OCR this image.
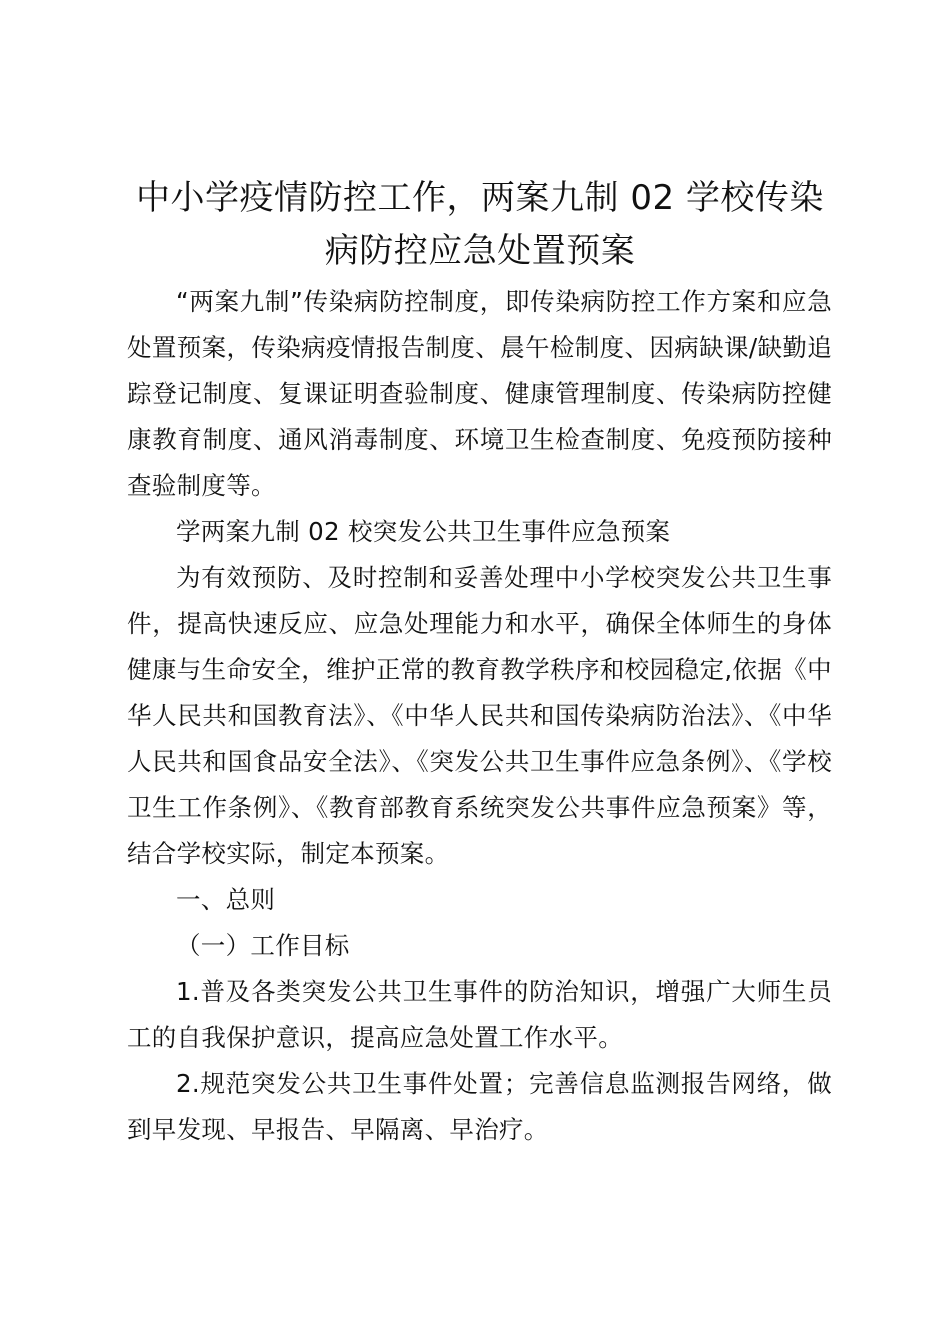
中小学疫情防控工作，两案九制 02 学校传染
病防控应急处置预案

“两案九制”传染病防控制度，即传染病防控工作方案和应急处置预案，传染病疫情报告制度、晨午检制度、因病缺课/缺勤追踪登记制度、复课证明查验制度、健康管理制度、传染病防控健康教育制度、通风消毒制度、环境卫生检查制度、免疫预防接种查验制度等。

学两案九制 02 校突发公共卫生事件应急预案

为有效预防、及时控制和妥善处理中小学校突发公共卫生事件，提高快速反应、应急处理能力和水平，确保全体师生的身体健康与生命安全，维护正常的教育教学秩序和校园稳定,依据《中华人民共和国教育法》、《中华人民共和国传染病防治法》、《中华人民共和国食品安全法》、《突发公共卫生事件应急条例》、《学校卫生工作条例》、《教育部教育系统突发公共事件应急预案》等，结合学校实际，制定本预案。

一、总则

（一）工作目标

1.普及各类突发公共卫生事件的防治知识，增强广大师生员工的自我保护意识，提高应急处置工作水平。

2.规范突发公共卫生事件处置；完善信息监测报告网络，做到早发现、早报告、早隔离、早治疗。
